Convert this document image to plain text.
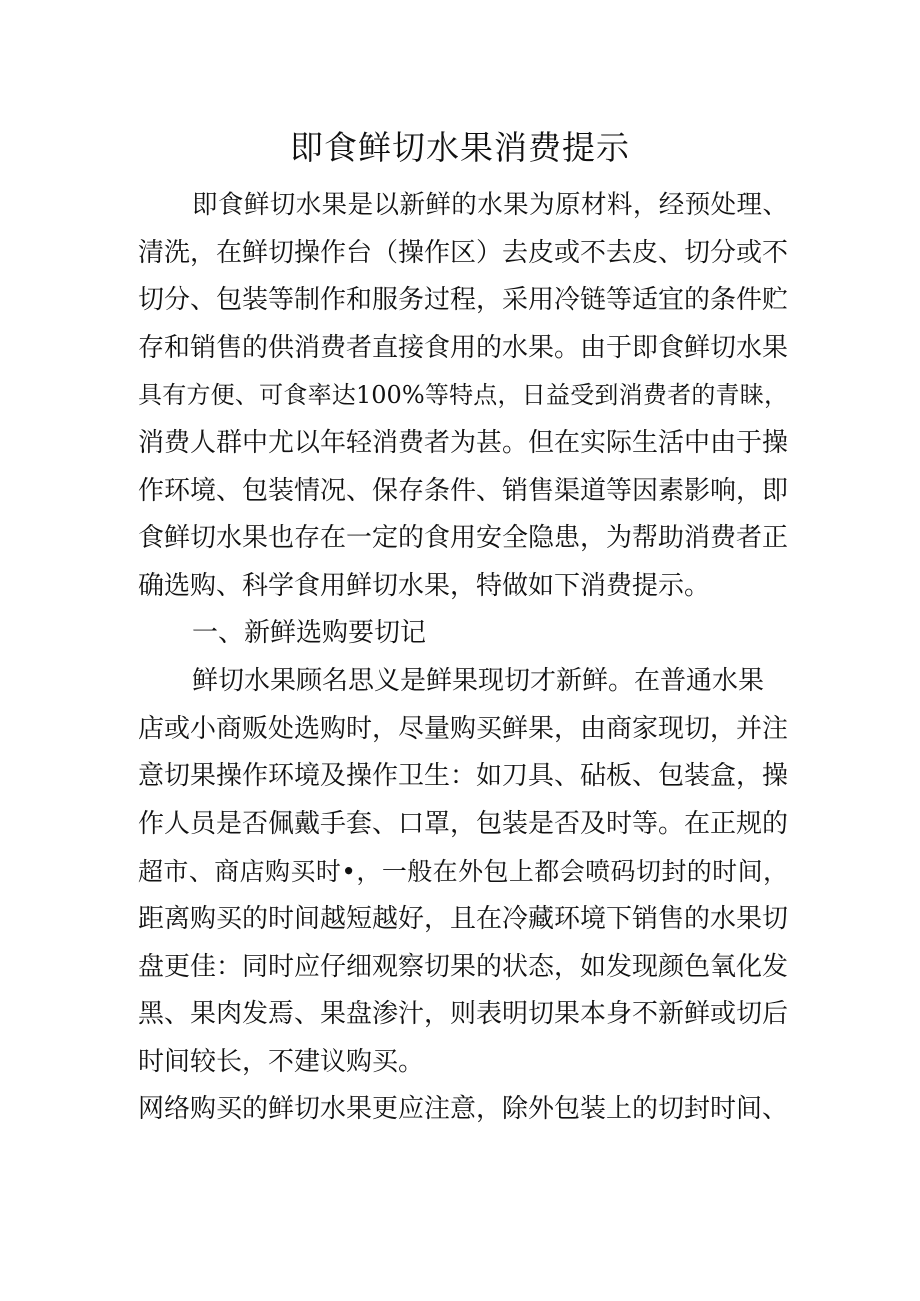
即食鲜切水果消费提示
即食鲜切水果是以新鲜的水果为原材料，经预处理、
清洗，在鲜切操作台（操作区）去皮或不去皮、切分或不
切分、包装等制作和服务过程，采用冷链等适宜的条件贮
存和销售的供消费者直接食用的水果。由于即食鲜切水果
具有方便、可食率达100%等特点，日益受到消费者的青睐，
消费人群中尤以年轻消费者为甚。但在实际生活中由于操
作环境、包装情况、保存条件、销售渠道等因素影响，即
食鲜切水果也存在一定的食用安全隐患，为帮助消费者正
确选购、科学食用鲜切水果，特做如下消费提示。
一、新鲜选购要切记
鲜切水果顾名思义是鲜果现切才新鲜。在普通水果
店或小商贩处选购时，尽量购买鲜果，由商家现切，并注
意切果操作环境及操作卫生：如刀具、砧板、包装盒，操
作人员是否佩戴手套、口罩，包装是否及时等。在正规的
超市、商店购买时•，一般在外包上都会喷码切封的时间，
距离购买的时间越短越好，且在冷藏环境下销售的水果切
盘更佳：同时应仔细观察切果的状态，如发现颜色氧化发
黑、果肉发焉、果盘渗汁，则表明切果本身不新鲜或切后
时间较长，不建议购买。
网络购买的鲜切水果更应注意，除外包装上的切封时间、
